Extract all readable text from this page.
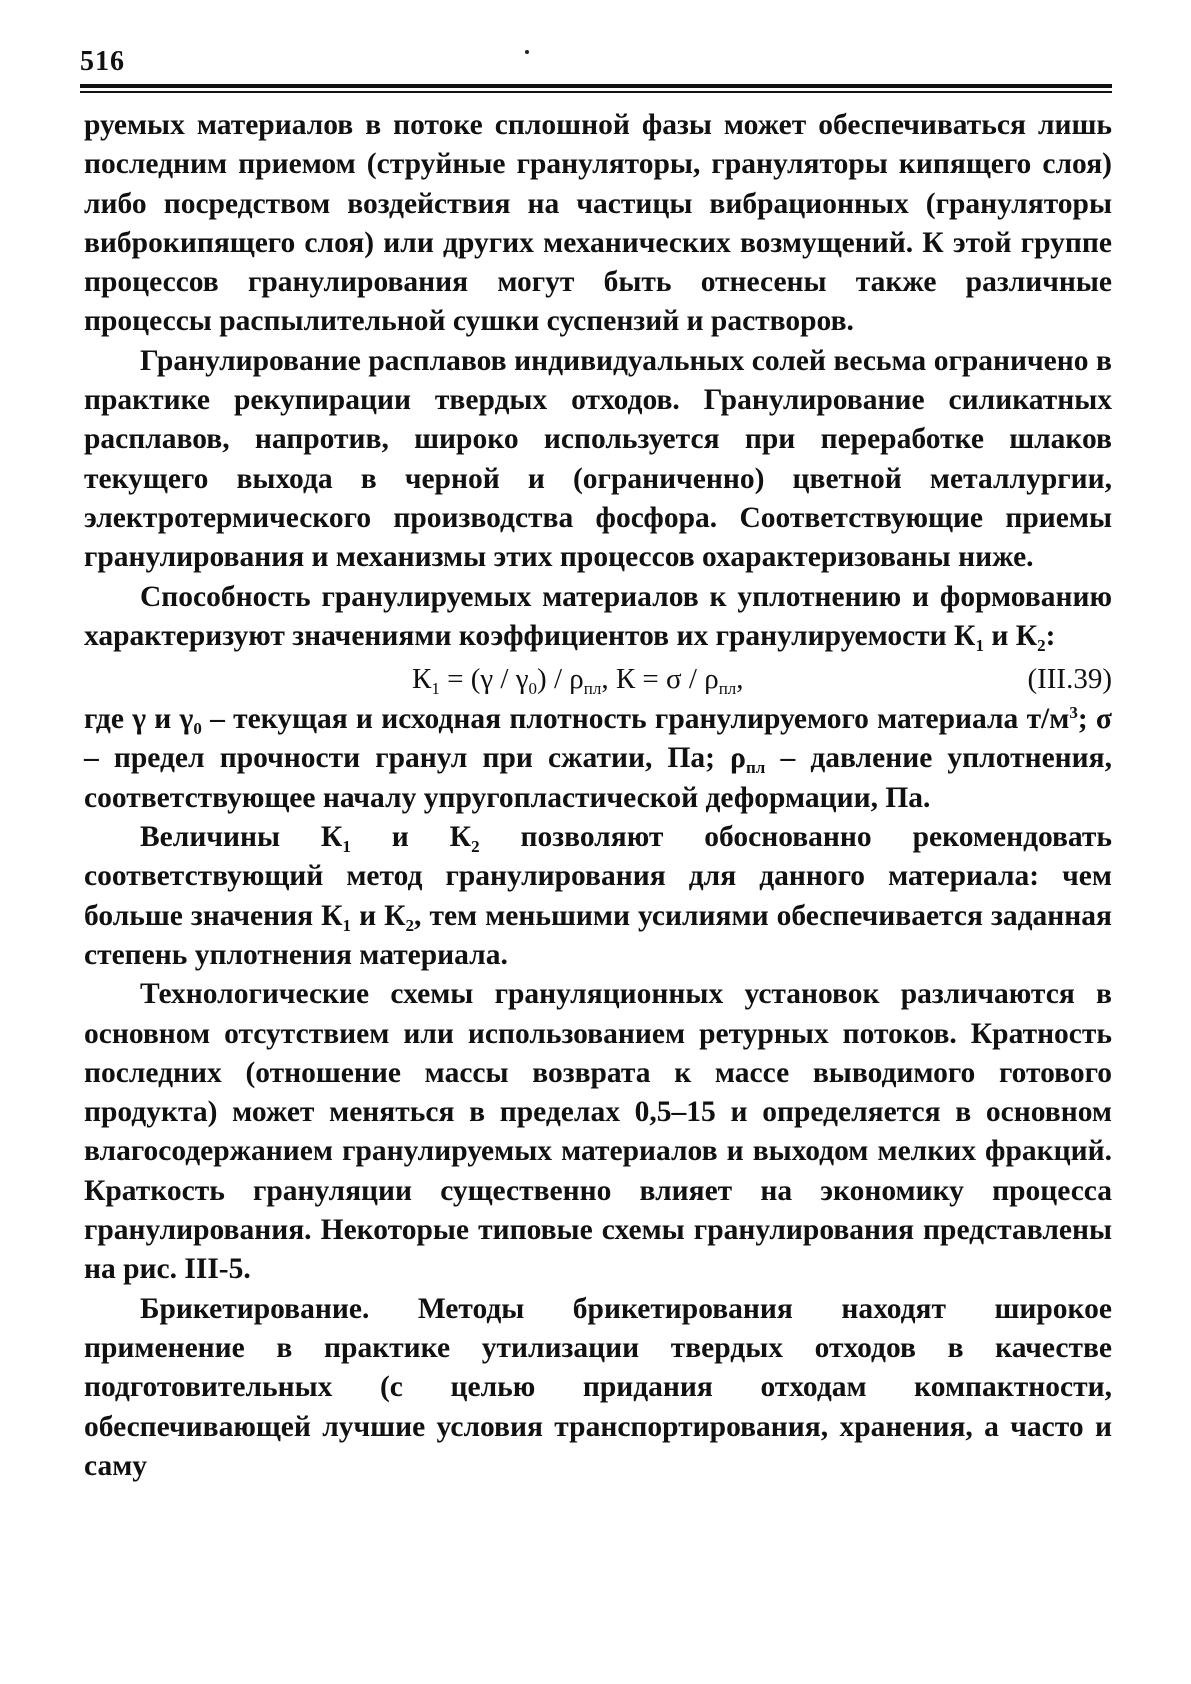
516

руемых материалов в потоке сплошной фазы может обеспечиваться лишь последним приемом (струйные грануляторы, грануляторы кипящего слоя) либо посредством воздействия на частицы вибрационных (грануляторы виброкипящего слоя) или других механических возмущений. К этой группе процессов гранулирования могут быть отнесены также различные процессы распылительной сушки суспензий и растворов.

Гранулирование расплавов индивидуальных солей весьма ограничено в практике рекупирации твердых отходов. Гранулирование силикатных расплавов, напротив, широко используется при переработке шлаков текущего выхода в черной и (ограниченно) цветной металлургии, электротермического производства фосфора. Соответствующие приемы гранулирования и механизмы этих процессов охарактеризованы ниже.

Способность гранулируемых материалов к уплотнению и формованию характеризуют значениями коэффициентов их гранулируемости $К_1$ и $К_2$:

$К_1 = (\gamma / \gamma_0) / \rho_{пл}$, $К = \sigma / \rho_{пл}$,	(III.39)

где γ и $\gamma_0$ – текущая и исходная плотность гранулируемого материала $т/м^3$; σ – предел прочности гранул при сжатии, Па; $\rho_{пл}$ – давление уплотнения, соответствующее началу упругопластической деформации, Па.

Величины $К_1$ и $К_2$ позволяют обоснованно рекомендовать соответствующий метод гранулирования для данного материала: чем больше значения $К_1$ и $К_2$, тем меньшими усилиями обеспечивается заданная степень уплотнения материала.

Технологические схемы грануляционных установок различаются в основном отсутствием или использованием ретурных потоков. Кратность последних (отношение массы возврата к массе выводимого готового продукта) может меняться в пределах 0,5–15 и определяется в основном влагосодержанием гранулируемых материалов и выходом мелких фракций. Краткость грануляции существенно влияет на экономику процесса гранулирования. Некоторые типовые схемы гранулирования представлены на рис. III-5.

Брикетирование. Методы брикетирования находят широкое применение в практике утилизации твердых отходов в качестве подготовительных (с целью придания отходам компактности, обеспечивающей лучшие условия транспортирования, хранения, а часто и саму
